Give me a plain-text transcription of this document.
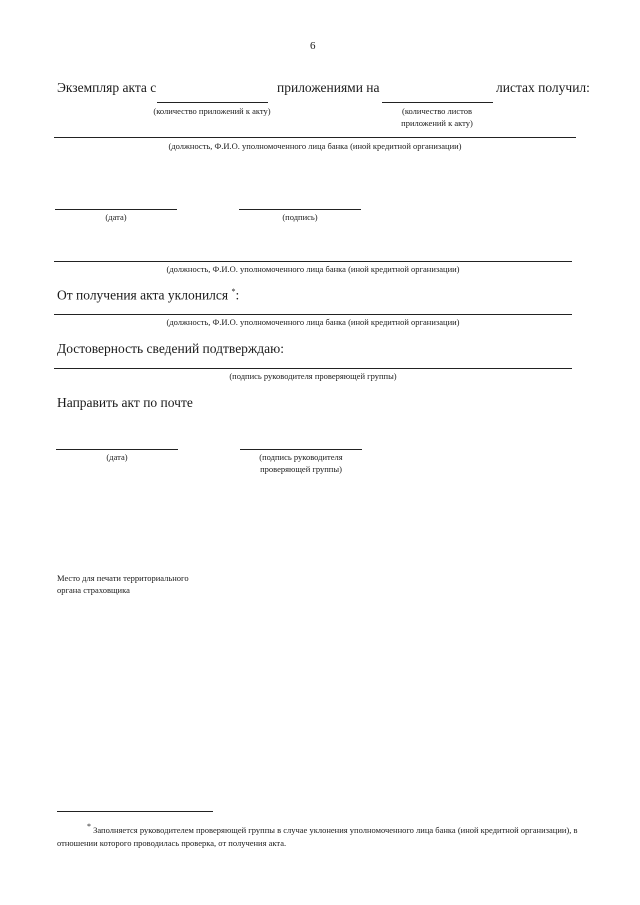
6
Экземпляр акта с	приложениями на	листах получил:
(количество приложений к акту)	(количество листов приложений к акту)
(должность, Ф.И.О. уполномоченного лица банка (иной кредитной организации)
(дата)	(подпись)
(должность, Ф.И.О. уполномоченного лица банка (иной кредитной организации)
От получения акта уклонился *:
(должность, Ф.И.О. уполномоченного лица банка (иной кредитной организации)
Достоверность сведений подтверждаю:
(подпись руководителя проверяющей группы)
Направить акт по почте
(дата)	(подпись руководителя
проверяющей группы)
Место для печати территориального
органа страховщика
* Заполняется руководителем проверяющей группы в случае уклонения уполномоченного лица банка (иной кредитной организации), в отношении которого проводилась проверка, от получения акта.
